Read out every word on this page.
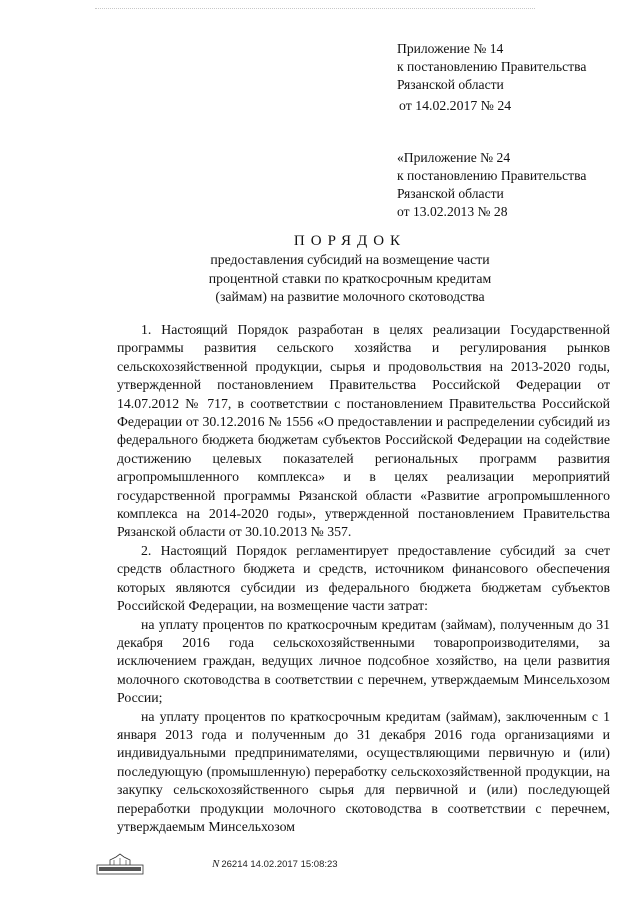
Приложение № 14
к постановлению Правительства
Рязанской области
от 14.02.2017 № 24
«Приложение № 24
к постановлению Правительства
Рязанской области
от 13.02.2013 № 28
ПОРЯДОК
предоставления субсидий на возмещение части
процентной ставки по краткосрочным кредитам
(займам) на развитие молочного скотоводства

1. Настоящий Порядок разработан в целях реализации Государственной программы развития сельского хозяйства и регулирования рынков сельскохозяйственной продукции, сырья и продовольствия на 2013-2020 годы, утвержденной постановлением Правительства Российской Федерации от 14.07.2012 № 717, в соответствии с постановлением Правительства Российской Федерации от 30.12.2016 № 1556 «О предоставлении и распределении субсидий из федерального бюджета бюджетам субъектов Российской Федерации на содействие достижению целевых показателей региональных программ развития агропромышленного комплекса» и в целях реализации мероприятий государственной программы Рязанской области «Развитие агропромышленного комплекса на 2014-2020 годы», утвержденной постановлением Правительства Рязанской области от 30.10.2013 № 357.

2. Настоящий Порядок регламентирует предоставление субсидий за счет средств областного бюджета и средств, источником финансового обеспечения которых являются субсидии из федерального бюджета бюджетам субъектов Российской Федерации, на возмещение части затрат:

на уплату процентов по краткосрочным кредитам (займам), полученным до 31 декабря 2016 года сельскохозяйственными товаропроизводителями, за исключением граждан, ведущих личное подсобное хозяйство, на цели развития молочного скотоводства в соответствии с перечнем, утверждаемым Минсельхозом России;

на уплату процентов по краткосрочным кредитам (займам), заключенным с 1 января 2013 года и полученным до 31 декабря 2016 года организациями и индивидуальными предпринимателями, осуществляющими первичную и (или) последующую (промышленную) переработку сельскохозяйственной продукции, на закупку сельскохозяйственного сырья для первичной и (или) последующей переработки продукции молочного скотоводства в соответствии с перечнем, утверждаемым Минсельхозом

N 26214 14.02.2017 15:08:23
